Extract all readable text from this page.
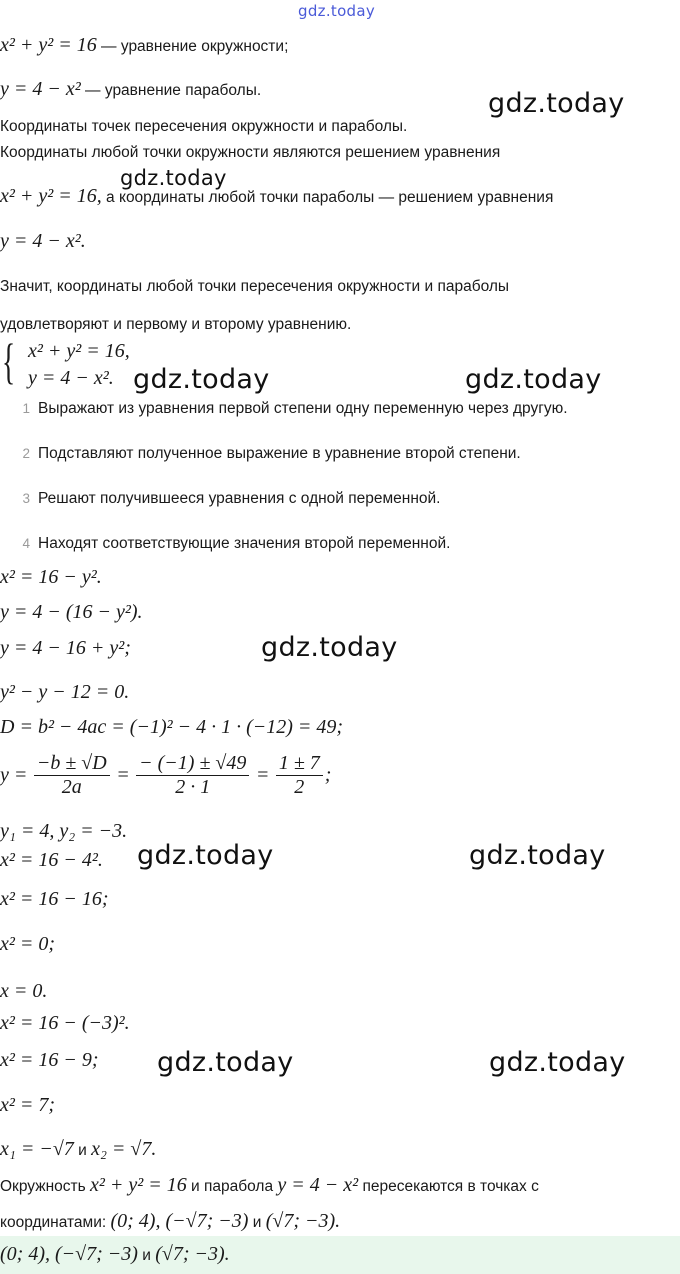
gdz.today
x² + y² = 16 — уравнение окружности;
y = 4 − x² — уравнение параболы.
Координаты точек пересечения окружности и параболы.
Координаты любой точки окружности являются решением уравнения
x² + y² = 16, а координаты любой точки параболы — решением уравнения
y = 4 − x².
Значит, координаты любой точки пересечения окружности и параболы
удовлетворяют и первому и второму уравнению.
{ x² + y² = 16,
y = 4 − x².
1 Выражают из уравнения первой степени одну переменную через другую.
2 Подставляют полученное выражение в уравнение второй степени.
3 Решают получившееся уравнения с одной переменной.
4 Находят соответствующие значения второй переменной.
x² = 16 − y².
y = 4 − (16 − y²).
y = 4 − 16 + y²;
y² − y − 12 = 0.
D = b² − 4ac = (−1)² − 4 · 1 · (−12) = 49;
$y = \frac{-b \pm √D}{2a} = \frac{- (-1) \pm √49}{2 \cdot 1} = \frac{1 \pm 7}{2}$ ;
y₁ = 4, y₂ = −3.
x² = 16 − 4².
x² = 16 − 16;
x² = 0;
x = 0.
x² = 16 − (−3)².
x² = 16 − 9;
x² = 7;
x₁ = −√7 и x₂ = √7.
Окружность x² + y² = 16 и парабола y = 4 − x² пересекаются в точках с
координатами: (0; 4), (−√7; −3) и (√7; −3).
(0; 4), (−√7; −3) и (√7; −3).
gdz.today
gdz.today
gdz.today	gdz.today
gdz.today
gdz.today	gdz.today
gdz.today	gdz.today
